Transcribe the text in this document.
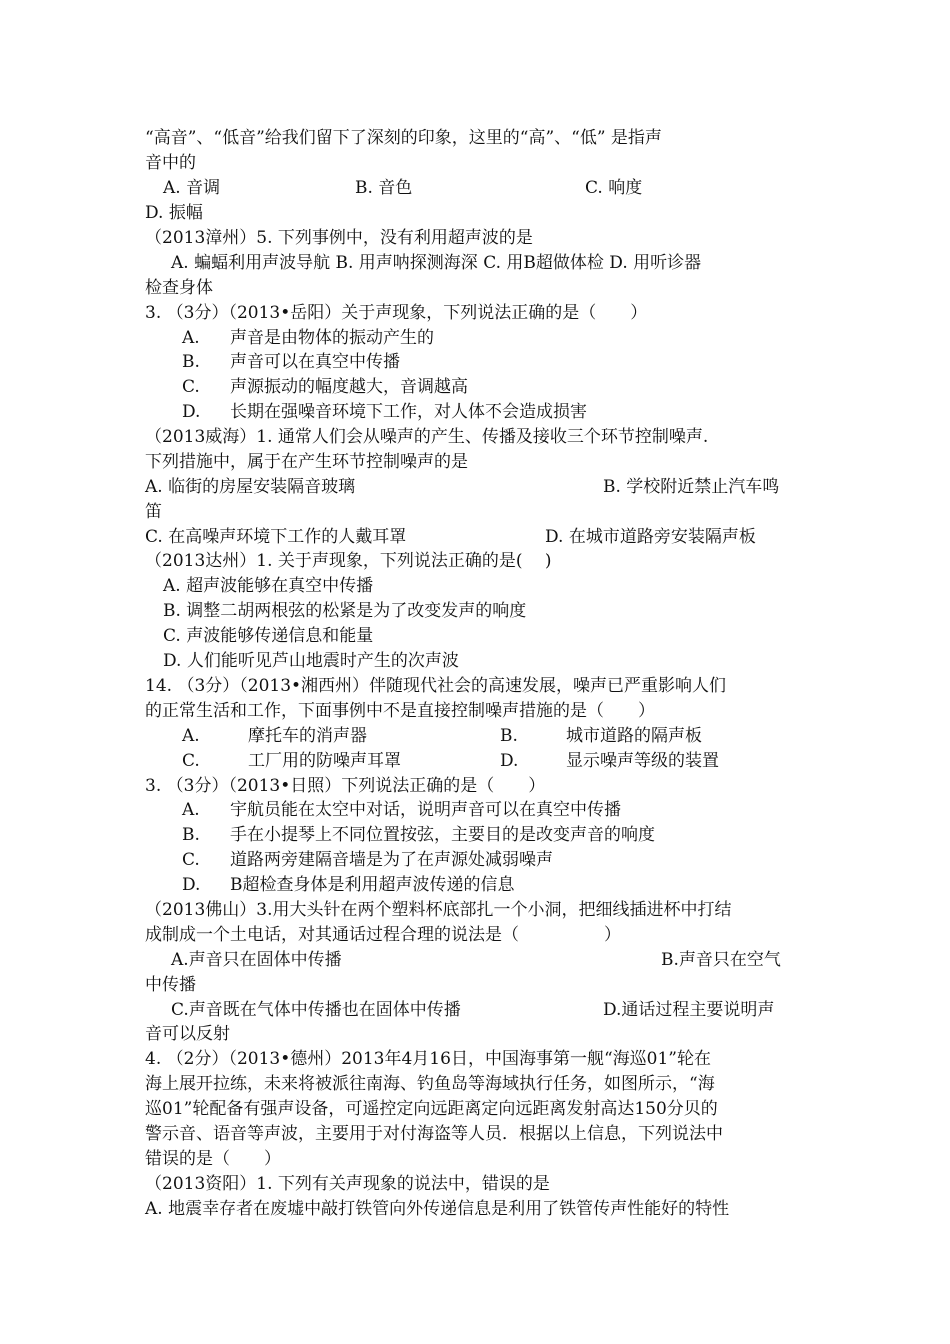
“高音”、“低音”给我们留下了深刻的印象，这里的“高”、“低” 是指声
音中的
A. 音调	B. 音色	C. 响度
D. 振幅
（2013漳州）5. 下列事例中，没有利用超声波的是
A. 蝙蝠利用声波导航 B. 用声呐探测海深 C. 用B超做体检 D. 用听诊器
检查身体
3. （3分）（2013•岳阳）关于声现象，下列说法正确的是（　　）
A. 声音是由物体的振动产生的
B. 声音可以在真空中传播
C. 声源振动的幅度越大，音调越高
D. 长期在强噪音环境下工作，对人体不会造成损害
（2013威海）1. 通常人们会从噪声的产生、传播及接收三个环节控制噪声.
下列措施中，属于在产生环节控制噪声的是
A. 临街的房屋安装隔音玻璃	B. 学校附近禁止汽车鸣
笛
C. 在高噪声环境下工作的人戴耳罩	D. 在城市道路旁安装隔声板
（2013达州）1. 关于声现象，下列说法正确的是(　 )
A. 超声波能够在真空中传播
B. 调整二胡两根弦的松紧是为了改变发声的响度
C. 声波能够传递信息和能量
D. 人们能听见芦山地震时产生的次声波
14. （3分）（2013•湘西州）伴随现代社会的高速发展，噪声已严重影响人们
的正常生活和工作，下面事例中不是直接控制噪声措施的是（　　）
A.	摩托车的消声器	B.	城市道路的隔声板
C.	工厂用的防噪声耳罩	D.	显示噪声等级的装置
3. （3分）（2013•日照）下列说法正确的是（　　）
A. 宇航员能在太空中对话，说明声音可以在真空中传播
B. 手在小提琴上不同位置按弦，主要目的是改变声音的响度
C. 道路两旁建隔音墙是为了在声源处减弱噪声
D. B超检查身体是利用超声波传递的信息
（2013佛山）3.用大头针在两个塑料杯底部扎一个小洞，把细线插进杯中打结
成制成一个土电话，对其通话过程合理的说法是（　　　　　）
A.声音只在固体中传播	B.声音只在空气
中传播
C.声音既在气体中传播也在固体中传播	D.通话过程主要说明声
音可以反射
4. （2分）（2013•德州）2013年4月16日，中国海事第一舰“海巡01”轮在
海上展开拉练，未来将被派往南海、钓鱼岛等海域执行任务，如图所示，“海
巡01”轮配备有强声设备，可遥控定向远距离定向远距离发射高达150分贝的
警示音、语音等声波，主要用于对付海盗等人员．根据以上信息，下列说法中
错误的是（　　）
（2013资阳）1. 下列有关声现象的说法中，错误的是
A. 地震幸存者在废墟中敲打铁管向外传递信息是利用了铁管传声性能好的特性
